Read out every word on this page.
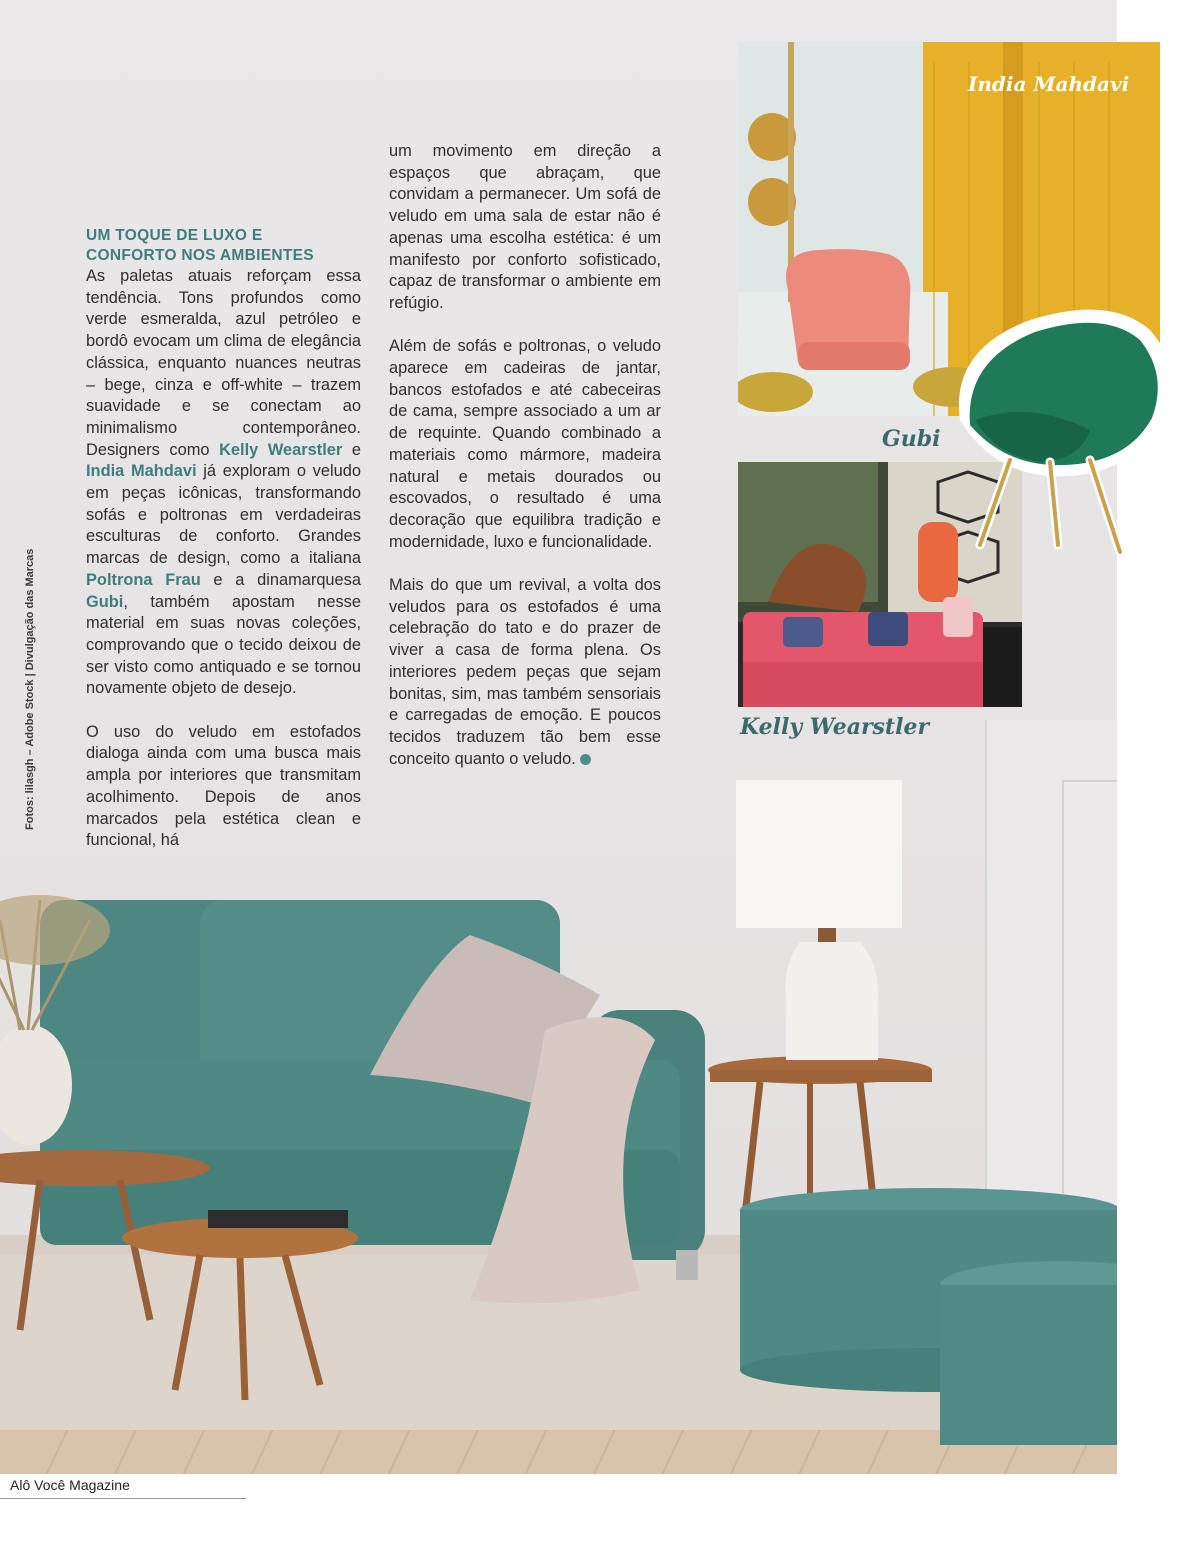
UM TOQUE DE LUXO E
CONFORTO NOS AMBIENTES

As paletas atuais reforçam essa tendência. Tons profundos como verde esmeralda, azul petróleo e bordô evocam um clima de elegância clássica, enquanto nuances neutras – bege, cinza e off-white – trazem suavidade e se conectam ao minimalismo contemporâneo. Designers como Kelly Wearstler e India Mahdavi já exploram o veludo em peças icônicas, transformando sofás e poltronas em verdadeiras esculturas de conforto. Grandes marcas de design, como a italiana Poltrona Frau e a dinamarquesa Gubi, também apostam nesse material em suas novas coleções, comprovando que o tecido deixou de ser visto como antiquado e se tornou novamente objeto de desejo.

O uso do veludo em estofados dialoga ainda com uma busca mais ampla por interiores que transmitam acolhimento. Depois de anos marcados pela estética clean e funcional, há

um movimento em direção a espaços que abraçam, que convidam a permanecer. Um sofá de veludo em uma sala de estar não é apenas uma escolha estética: é um manifesto por conforto sofisticado, capaz de transformar o ambiente em refúgio.

Além de sofás e poltronas, o veludo aparece em cadeiras de jantar, bancos estofados e até cabeceiras de cama, sempre associado a um ar de requinte. Quando combinado a materiais como mármore, madeira natural e metais dourados ou escovados, o resultado é uma decoração que equilibra tradição e modernidade, luxo e funcionalidade.

Mais do que um revival, a volta dos veludos para os estofados é uma celebração do tato e do prazer de viver a casa de forma plena. Os interiores pedem peças que sejam bonitas, sim, mas também sensoriais e carregadas de emoção. E poucos tecidos traduzem tão bem esse conceito quanto o veludo.

Fotos: lilasgh – Adobe Stock | Divulgação das Marcas
India Mahdavi
Kelly Wearstler
Gubi
Alô Você Magazine
